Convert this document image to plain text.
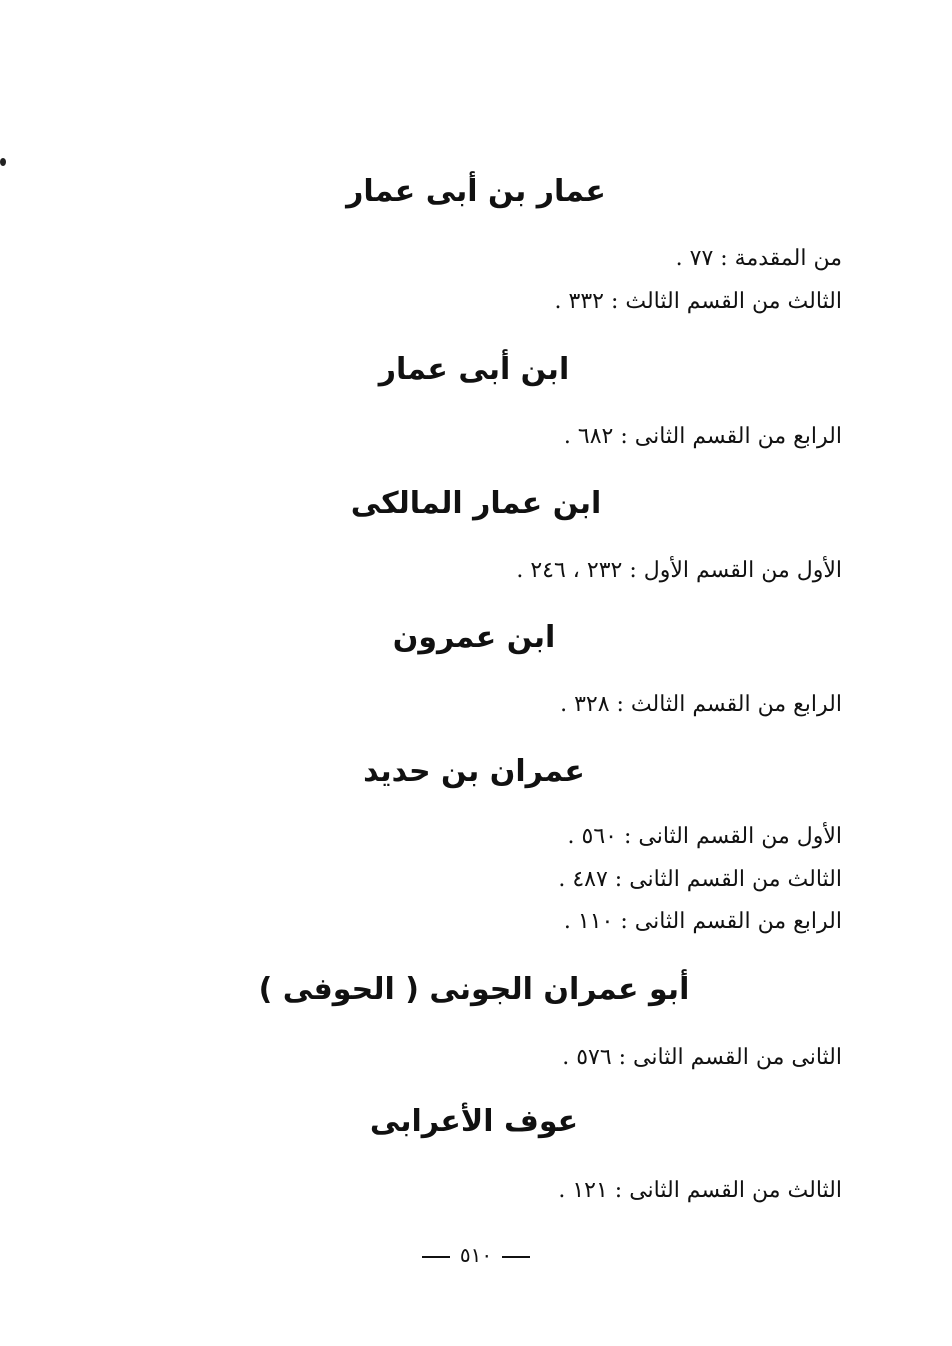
عمار بن أبى عمار
من المقدمة : ٧٧ .
الثالث من القسم الثالث : ٣٣٢ .
ابن أبى عمار
الرابع من القسم الثانى : ٦٨٢ .
ابن عمار المالكى
الأول من القسم الأول : ٢٣٢ ، ٢٤٦ .
ابن عمرون
الرابع من القسم الثالث : ٣٢٨ .
عمران بن حديد
الأول من القسم الثانى : ٥٦٠ .
الثالث من القسم الثانى : ٤٨٧ .
الرابع من القسم الثانى : ١١٠ .
أبو عمران الجونى ( الحوفى )
الثانى من القسم الثانى : ٥٧٦ .
عوف الأعرابى
الثالث من القسم الثانى : ١٢١ .
٥١٠
